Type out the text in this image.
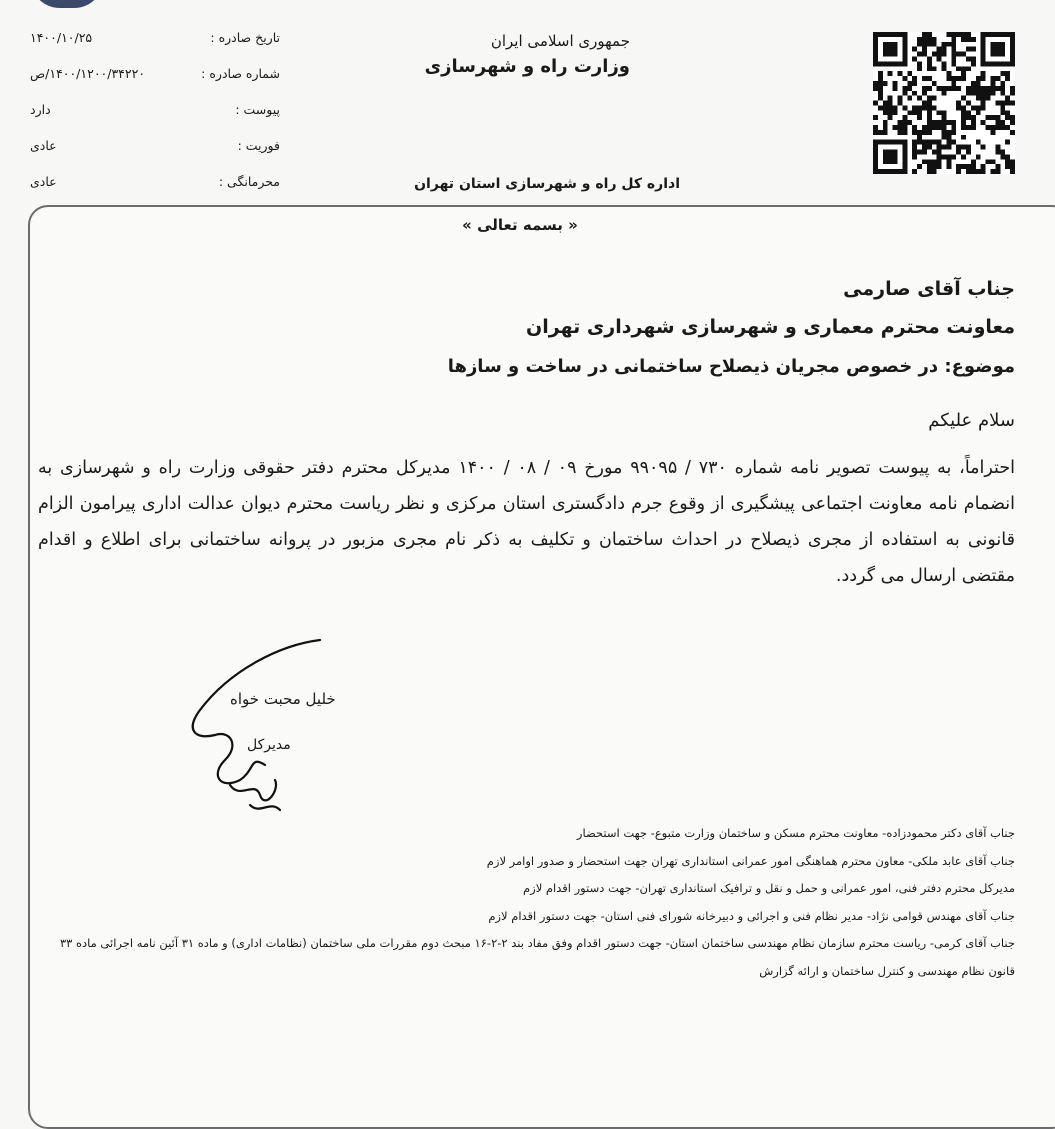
تاریخ صادره :
۱۴۰۰/۱۰/۲۵
شماره صادره :
۱۴۰۰/۱۲۰۰/۳۴۲۲۰/ص
پیوست :
دارد
فوریت :
عادی
محرمانگی :
عادی
جمهوری اسلامی ایران
وزارت راه و شهرسازی
اداره کل راه و شهرسازی استان تهران
« بسمه تعالی »
جناب آقای صارمی
معاونت محترم معماری و شهرسازی شهرداری تهران
موضوع: در خصوص مجریان ذیصلاح ساختمانی در ساخت و سازها
سلام علیکم
احتراماً، به پیوست تصویر نامه شماره ۷۳۰ / ۹۹۰۹۵ مورخ ۰۹ / ۰۸ / ۱۴۰۰ مدیرکل محترم دفتر حقوقی وزارت راه و شهرسازی به انضمام نامه معاونت اجتماعی پیشگیری از وقوع جرم دادگستری استان مرکزی و نظر ریاست محترم دیوان عدالت اداری پیرامون الزام قانونی به استفاده از مجری ذیصلاح در احداث ساختمان و تکلیف به ذکر نام مجری مزبور در پروانه ساختمانی برای اطلاع و اقدام مقتضی ارسال می گردد.
خلیل محبت خواه
مدیرکل
جناب آقای دکتر محمودزاده- معاونت محترم مسکن و ساختمان وزارت متبوع- جهت استحضار
جناب آقای عابد ملکی- معاون محترم هماهنگی امور عمرانی استانداری تهران جهت استحضار و صدور اوامر لازم
مدیرکل محترم دفتر فنی، امور عمرانی و حمل و نقل و ترافیک استانداری تهران- جهت دستور اقدام لازم
جناب آقای مهندس قوامی نژاد- مدیر نظام فنی و اجرائی و دبیرخانه شورای فنی استان- جهت دستور اقدام لازم
جناب آقای کرمی- ریاست محترم سازمان نظام مهندسی ساختمان استان- جهت دستور اقدام وفق مفاد بند ۲-۲-۱۶ مبحث دوم مقررات ملی ساختمان (نظامات اداری) و ماده ۳۱ آئین نامه اجرائی ماده ۳۳ قانون نظام مهندسی و کنترل ساختمان و ارائه گزارش
